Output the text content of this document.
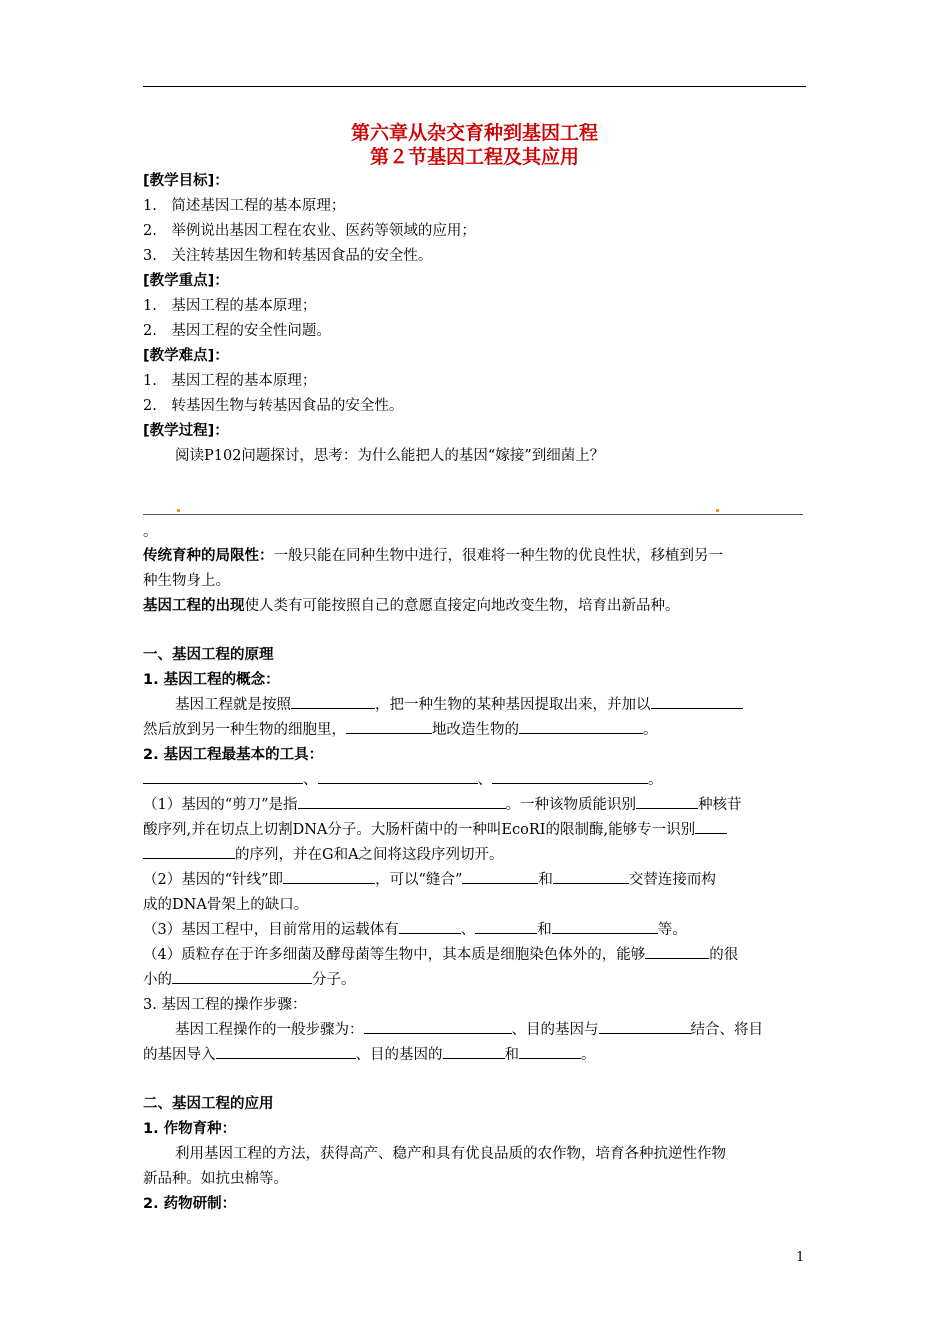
第六章从杂交育种到基因工程
第２节基因工程及其应用
[教学目标]：
1.　简述基因工程的基本原理；
2.　举例说出基因工程在农业、医药等领域的应用；
3.　关注转基因生物和转基因食品的安全性。
[教学重点]：
1.　基因工程的基本原理；
2.　基因工程的安全性问题。
[教学难点]：
1.　基因工程的基本原理；
2.　转基因生物与转基因食品的安全性。
[教学过程]：
阅读P102问题探讨，思考：为什么能把人的基因“嫁接”到细菌上？
。
传统育种的局限性：一般只能在同种生物中进行，很难将一种生物的优良性状，移植到另一
种生物身上。
基因工程的出现使人类有可能按照自己的意愿直接定向地改变生物，培育出新品种。
一、基因工程的原理
1. 基因工程的概念：
基因工程就是按照	，把一种生物的某种基因提取出来，并加以
然后放到另一种生物的细胞里，	地改造生物的	。
2. 基因工程最基本的工具：
、	、	。
（1）基因的“剪刀”是指	。一种该物质能识别	种核苷
酸序列,并在切点上切割DNA分子。大肠杆菌中的一种叫EcoRI的限制酶,能够专一识别
的序列，并在G和A之间将这段序列切开。
（2）基因的“针线”即	，可以“缝合”	和	交替连接而构
成的DNA骨架上的缺口。
（3）基因工程中，目前常用的运载体有	、	和	等。
（4）质粒存在于许多细菌及酵母菌等生物中，其本质是细胞染色体外的，能够	的很
小的	分子。
3. 基因工程的操作步骤：
基因工程操作的一般步骤为：	、目的基因与	结合、将目
的基因导入	、目的基因的	和	。
二、基因工程的应用
1. 作物育种：
利用基因工程的方法，获得高产、稳产和具有优良品质的农作物，培育各种抗逆性作物
新品种。如抗虫棉等。
2. 药物研制：
1
